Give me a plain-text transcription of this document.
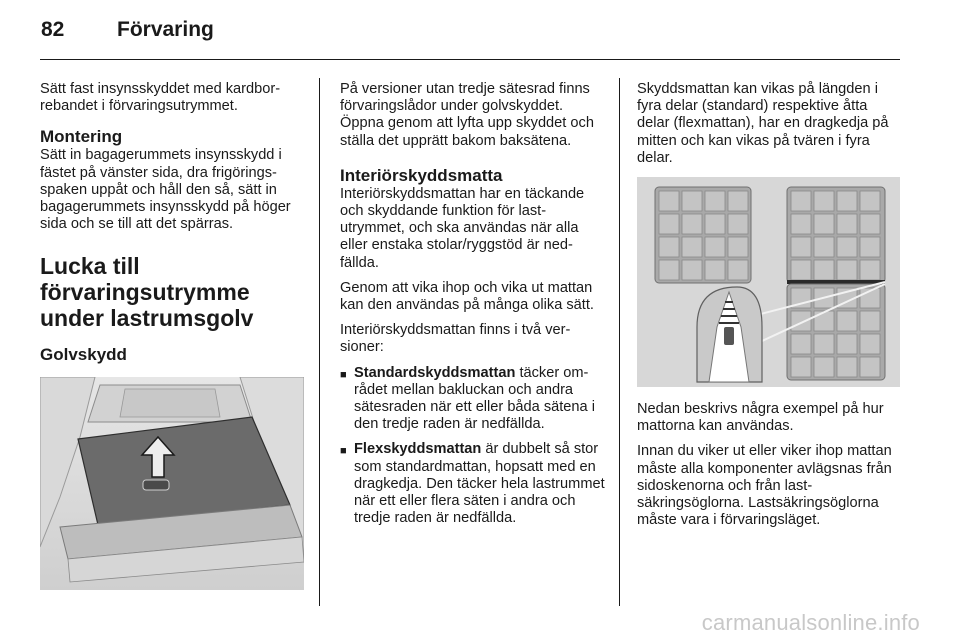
82	Förvaring

Sätt fast insynsskyddet med kardborrebandet i förvaringsutrymmet.

Montering

Sätt in bagagerummets insynsskydd i fästet på vänster sida, dra frigöringsspaken uppåt och håll den så, sätt in bagagerummets insynsskydd på höger sida och se till att det spärras.

Lucka till förvaringsutrymme under lastrumsgolv
Golvskydd

På versioner utan tredje sätesrad finns förvaringslådor under golvskyddet. Öppna genom att lyfta upp skyddet och ställa det upprätt bakom baksätena.

Interiörskyddsmatta

Interiörskyddsmattan har en täckande och skyddande funktion för lastutrymmet, och ska användas när alla eller enstaka stolar/ryggstöd är nedfällda.

Genom att vika ihop och vika ut mattan kan den användas på många olika sätt.

Interiörskyddsmattan finns i två versioner:

■ Standardskyddsmattan täcker området mellan bakluckan och andra sätesraden när ett eller båda sätena i den tredje raden är nedfällda.
■ Flexskyddsmattan är dubbelt så stor som standardmattan, hopsatt med en dragkedja. Den täcker hela lastrummet när ett eller flera säten i andra och tredje raden är nedfällda.

Skyddsmattan kan vikas på längden i fyra delar (standard) respektive åtta delar (flexmattan), har en dragkedja på mitten och kan vikas på tvären i fyra delar.

Nedan beskrivs några exempel på hur mattorna kan användas.

Innan du viker ut eller viker ihop mattan måste alla komponenter avlägsnas från sidoskenorna och från lastsäkringsöglorna. Lastsäkringsöglorna måste vara i förvaringsläget.

carmanualsonline.info
